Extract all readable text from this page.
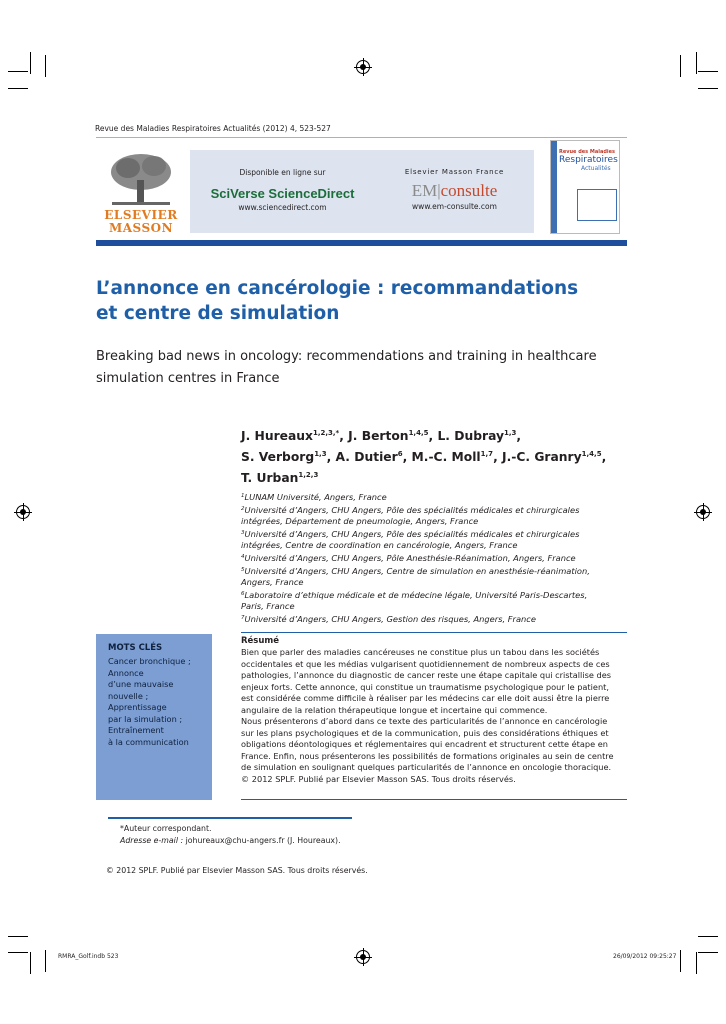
Revue des Maladies Respiratoires Actualités (2012) 4, 523-527
ELSEVIER
MASSON
Disponible en ligne sur
SciVerse ScienceDirect
www.sciencedirect.com
Elsevier Masson France
EM|consulte
www.em-consulte.com
Revue des Maladies
Respiratoires
Actualités
L’annonce en cancérologie : recommandations
et centre de simulation
Breaking bad news in oncology: recommendations and training in healthcare
simulation centres in France
J. Hureaux$^{1,2,3,*}$, J. Berton$^{1,4,5}$, L. Dubray$^{1,3}$,
S. Verborg$^{1,3}$, A. Dutier$^6$, M.-C. Moll$^{1,7}$, J.-C. Granry$^{1,4,5}$,
T. Urban$^{1,2,3}$
$^1$LUNAM Université, Angers, France
$^2$Université d’Angers, CHU Angers, Pôle des spécialités médicales et chirurgicales
intégrées, Département de pneumologie, Angers, France
$^3$Université d’Angers, CHU Angers, Pôle des spécialités médicales et chirurgicales
intégrées, Centre de coordination en cancérologie, Angers, France
$^4$Université d’Angers, CHU Angers, Pôle Anesthésie-Réanimation, Angers, France
$^5$Université d’Angers, CHU Angers, Centre de simulation en anesthésie-réanimation,
Angers, France
$^6$Laboratoire d’ethique médicale et de médecine légale, Université Paris-Descartes,
Paris, France
$^7$Université d’Angers, CHU Angers, Gestion des risques, Angers, France
MOTS CLÉS
Cancer bronchique ;
Annonce
d’une mauvaise
nouvelle ;
Apprentissage
par la simulation ;
Entraînement
à la communication
Résumé

Bien que parler des maladies cancéreuses ne constitue plus un tabou dans les sociétés

occidentales et que les médias vulgarisent quotidiennement de nombreux aspects de ces

pathologies, l’annonce du diagnostic de cancer reste une étape capitale qui cristallise des

enjeux forts. Cette annonce, qui constitue un traumatisme psychologique pour le patient,

est considérée comme difficile à réaliser par les médecins car elle doit aussi être la pierre

angulaire de la relation thérapeutique longue et incertaine qui commence.

Nous présenterons d’abord dans ce texte des particularités de l’annonce en cancérologie

sur les plans psychologiques et de la communication, puis des considérations éthiques et

obligations déontologiques et réglementaires qui encadrent et structurent cette étape en

France. Enfin, nous présenterons les possibilités de formations originales au sein de centre

de simulation en soulignant quelques particularités de l’annonce en oncologie thoracique.

© 2012 SPLF. Publié par Elsevier Masson SAS. Tous droits réservés.

*Auteur correspondant.
Adresse e-mail : johureaux@chu-angers.fr (J. Houreaux).
© 2012 SPLF. Publié par Elsevier Masson SAS. Tous droits réservés.
RMRA_Golf.indb 523	26/09/2012 09:25:27
